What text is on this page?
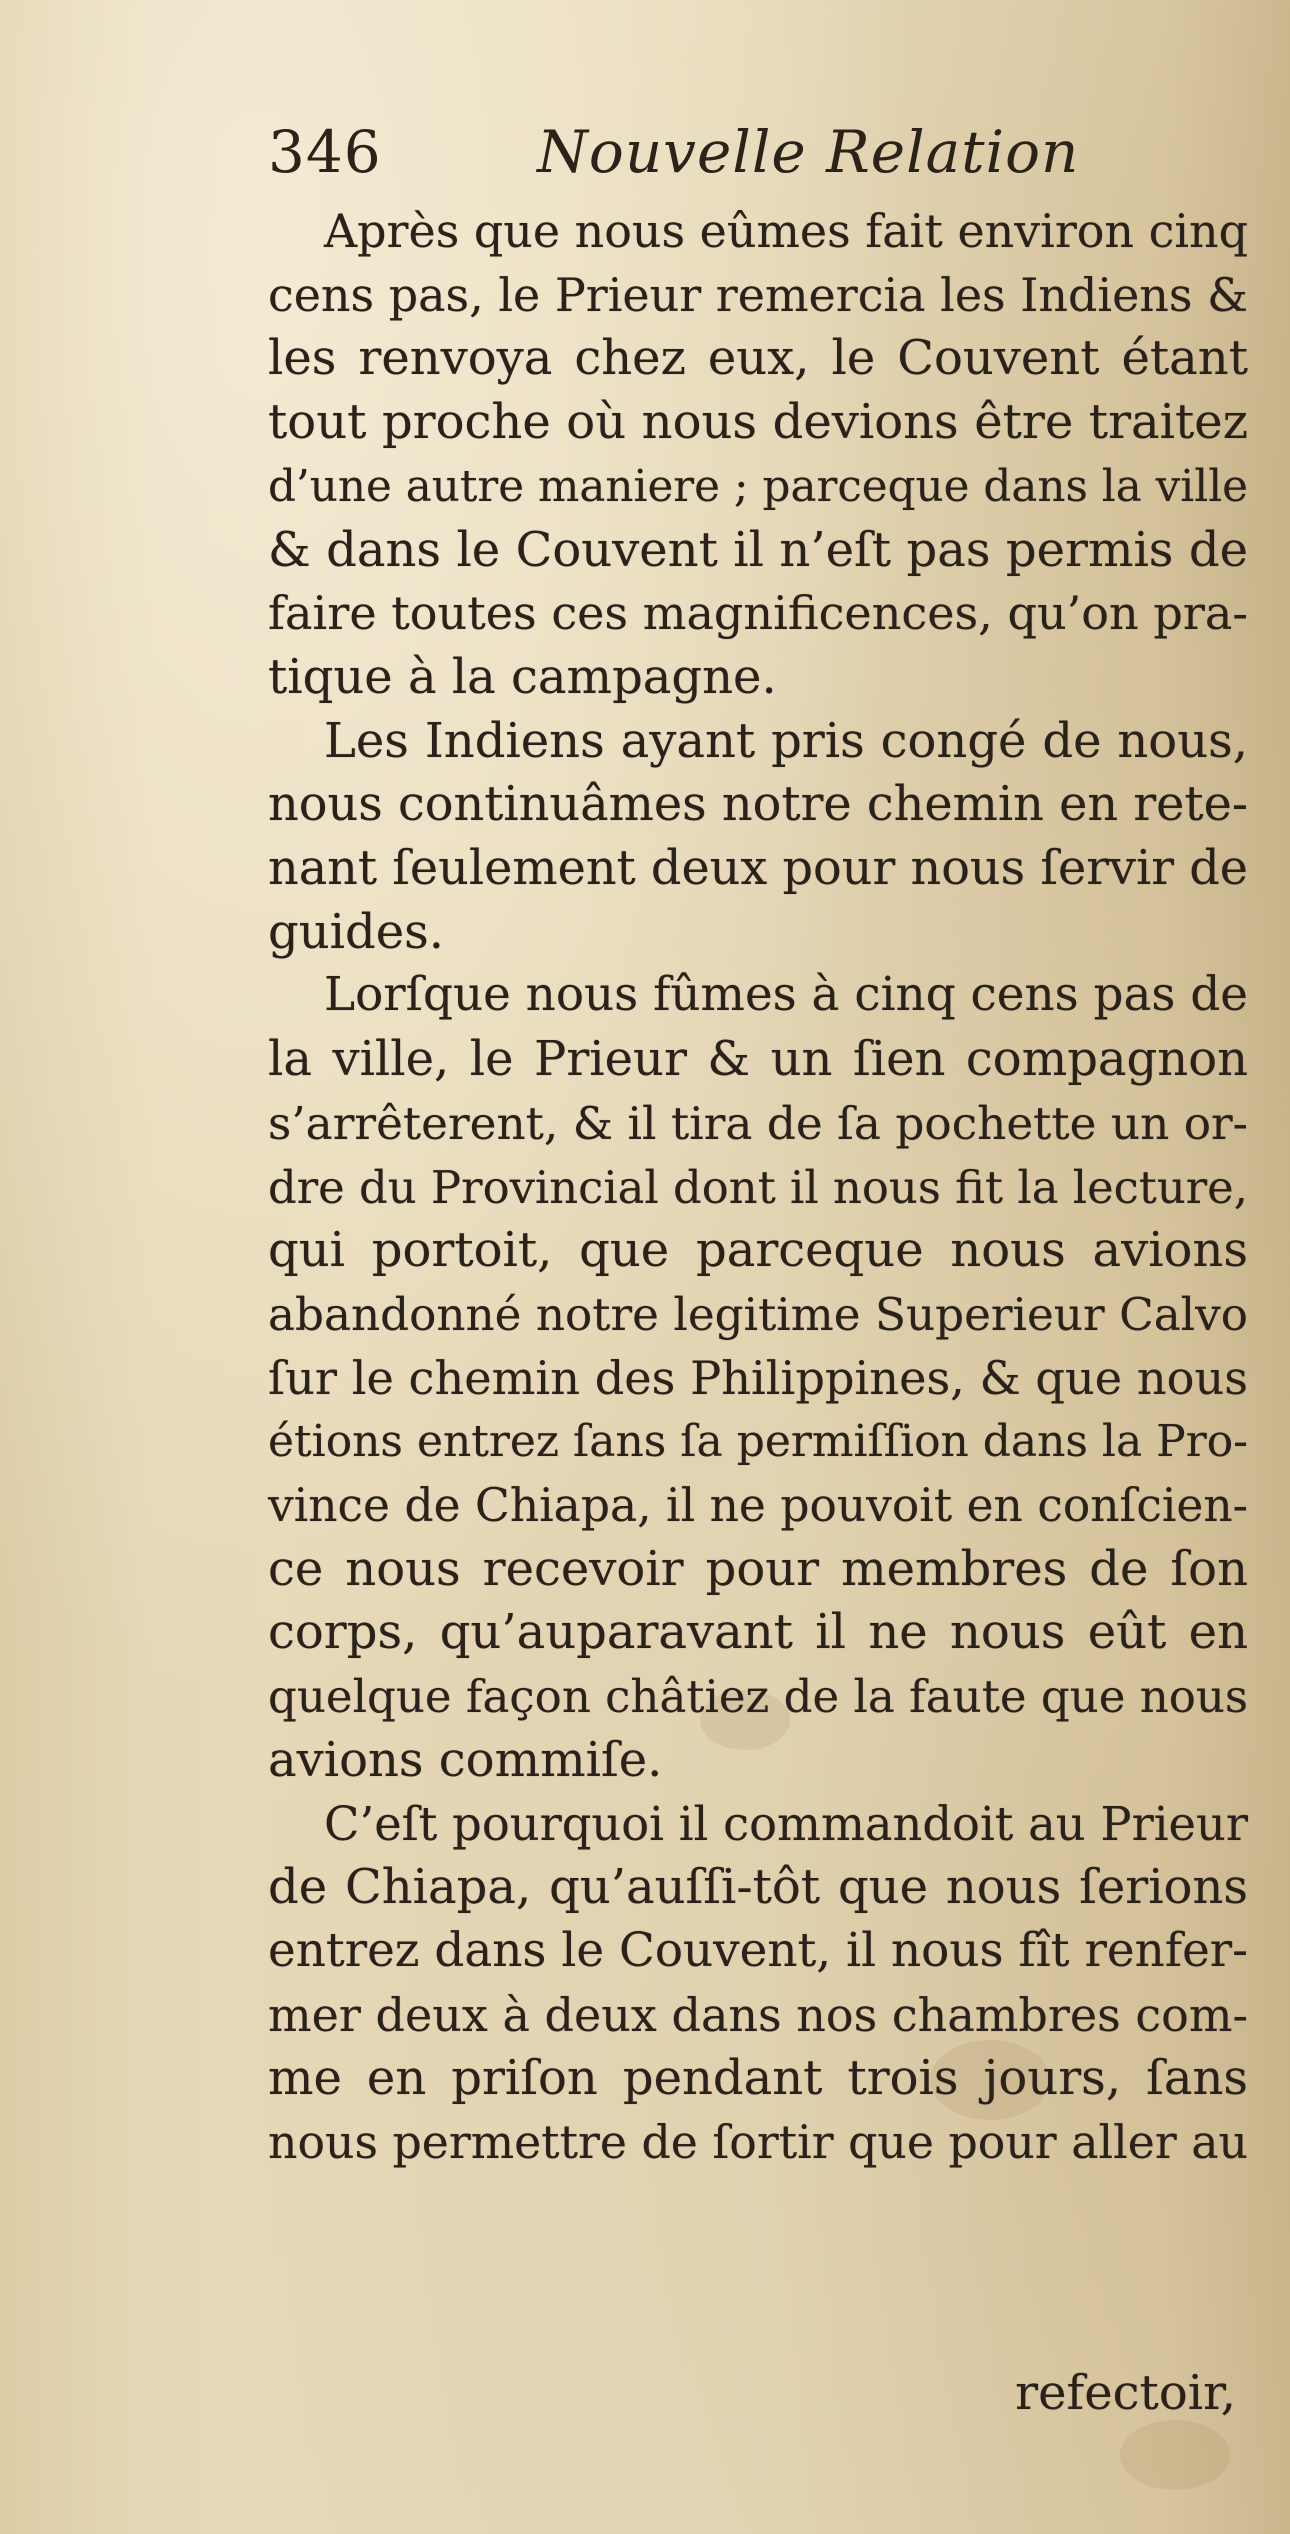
346	Nouvelle Relation
Après que nous eûmes fait environ cinq
cens pas, le Prieur remercia les Indiens &
les renvoya chez eux, le Couvent étant
tout proche où nous devions être traitez
d’une autre maniere ; parceque dans la ville
& dans le Couvent il n’eſt pas permis de
faire toutes ces magnificences, qu’on pra-
tique à la campagne.
Les Indiens ayant pris congé de nous,
nous continuâmes notre chemin en rete-
nant ſeulement deux pour nous ſervir de
guides.
Lorſque nous fûmes à cinq cens pas de
la ville, le Prieur & un ſien compagnon
s’arrêterent, & il tira de ſa pochette un or-
dre du Provincial dont il nous fit la lecture,
qui portoit, que parceque nous avions
abandonné notre legitime Superieur Calvo
ſur le chemin des Philippines, & que nous
étions entrez ſans ſa permiſſion dans la Pro-
vince de Chiapa, il ne pouvoit en conſcien-
ce nous recevoir pour membres de ſon
corps, qu’auparavant il ne nous eût en
quelque façon châtiez de la faute que nous
avions commiſe.
C’eſt pourquoi il commandoit au Prieur
de Chiapa, qu’auſſi-tôt que nous ſerions
entrez dans le Couvent, il nous fît renfer-
mer deux à deux dans nos chambres com-
me en priſon pendant trois jours, ſans
nous permettre de ſortir que pour aller au
refectoir,
